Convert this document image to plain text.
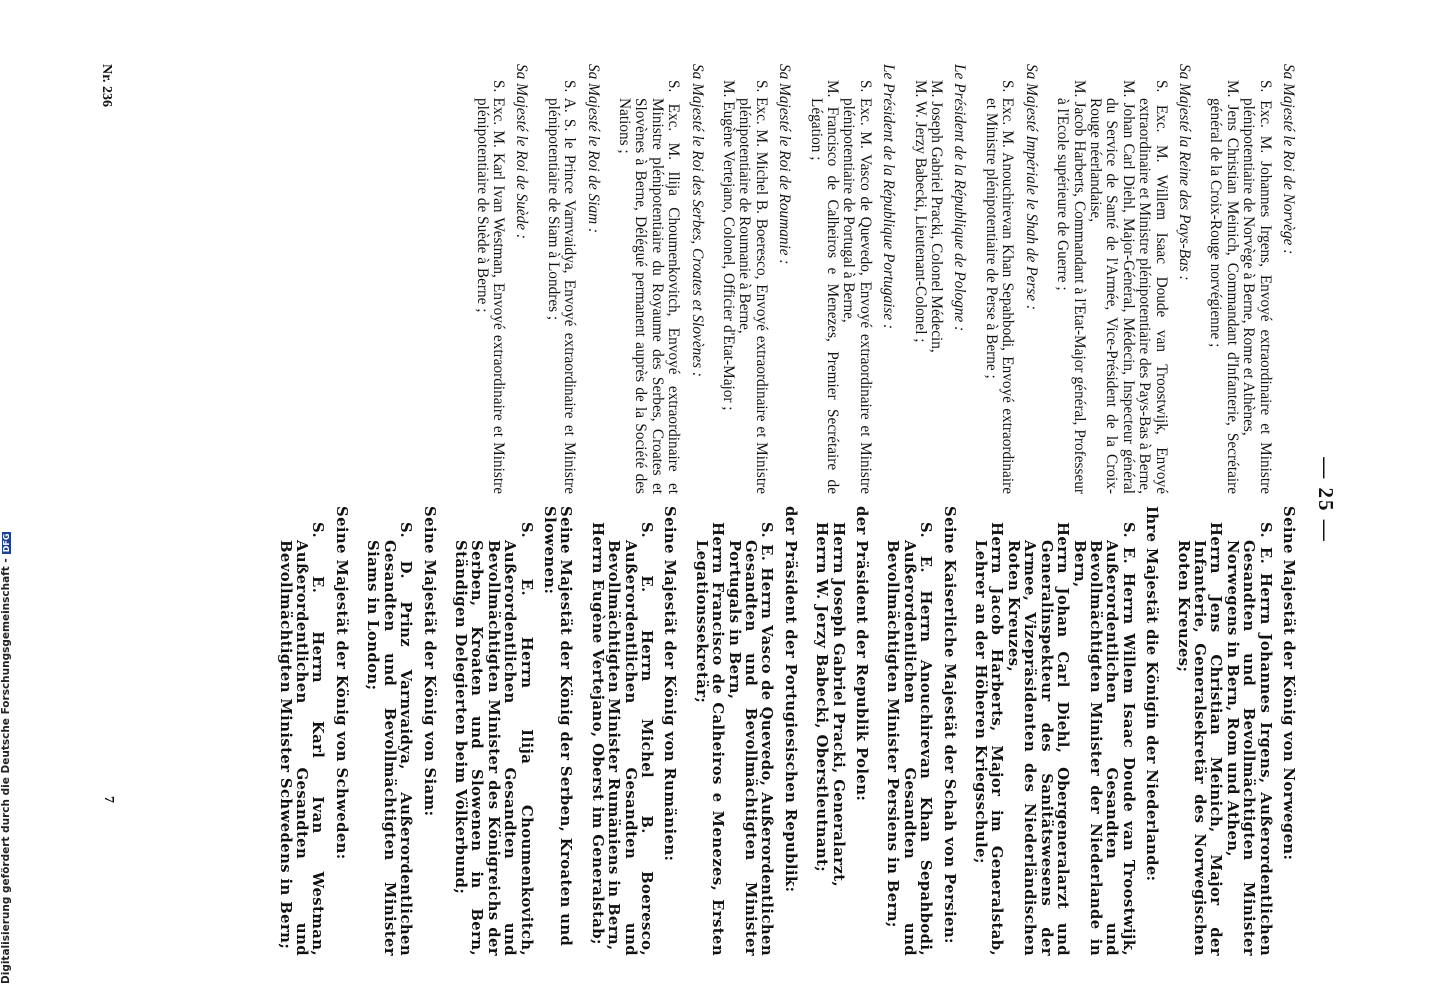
— 25 —

Sa Majesté le Roi de Norvège :

S. Exc. M. Johannes Irgens, Envoyé extraordinaire et Ministre plénipotentiaire de Norvège à Berne, Rome et Athènes,

M. Jens Christian Meinich, Commandant d'Infanterie, Secrétaire général de la Croix-Rouge norvégienne ;

Sa Majesté la Reine des Pays-Bas :

S. Exc. M. Willem Isaac Doude van Troostwijk, Envoyé extraordinaire et Ministre plénipotentiaire des Pays-Bas à Berne,

M. Johan Carl Diehl, Major-Général, Médecin, Inspecteur général du Service de Santé de l'Armée, Vice-Président de la Croix-Rouge néerlandaise,

M. Jacob Harberts, Commandant à l'Etat-Major général, Professeur à l'Ecole supérieure de Guerre ;

Sa Majesté Impériale le Shah de Perse :

S. Exc. M. Anouchirevan Khan Sepahbodi, Envoyé extraordinaire et Ministre plénipotentiaire de Perse à Berne ;

Le Président de la République de Pologne :

M. Joseph Gabriel Pracki, Colonel Médecin,

M. W. Jerzy Babecki, Lieutenant-Colonel ;

Le Président de la République Portugaise :

S. Exc. M. Vasco de Quevedo, Envoyé extraordinaire et Ministre plénipotentiaire de Portugal à Berne,

M. Francisco de Calheiros e Menezes, Premier Secrétaire de Légation ;

Sa Majesté le Roi de Roumanie :

S. Exc. M. Michel B. Boeresco, Envoyé extraordinaire et Ministre plénipotentiaire de Roumanie à Berne,

M. Eugène Vertejano, Colonel, Officier d'Etat-Major ;

Sa Majesté le Roi des Serbes, Croates et Slovènes :

S. Exc. M. Ilija Choumenkovitch, Envoyé extraordinaire et Ministre plénipotentiaire du Royaume des Serbes, Croates et Slovènes à Berne, Délégué permanent auprès de la Société des Nations ;

Sa Majesté le Roi de Siam :

S. A. S. le Prince Varnvaidya, Envoyé extraordinaire et Ministre plénipotentiaire de Siam à Londres ;

Sa Majesté le Roi de Suède :

S. Exc. M. Karl Ivan Westman, Envoyé extraordinaire et Ministre plénipotentiaire de Suède à Berne ;

Seine Majestät der König von Norwegen:

S. E. Herrn Johannes Irgens, Außerordentlichen Gesandten und Bevollmächtigten Minister Norwegens in Bern, Rom und Athen,

Herrn Jens Christian Meinich, Major der Infanterie, Generalsekretär des Norwegischen Roten Kreuzes;

Ihre Majestät die Königin der Niederlande:

S. E. Herrn Willem Isaac Doude van Troostwijk, Außerordentlichen Gesandten und Bevollmächtigten Minister der Niederlande in Bern,

Herrn Johan Carl Diehl, Obergeneralarzt und Generalinspekteur des Sanitätswesens der Armee, Vizepräsidenten des Niederländischen Roten Kreuzes,

Herrn Jacob Harberts, Major im Generalstab, Lehrer an der Höheren Kriegsschule;

Seine Kaiserliche Majestät der Schah von Persien:

S. E. Herrn Anouchirevan Khan Sepahbodi, Außerordentlichen Gesandten und Bevollmächtigten Minister Persiens in Bern;

der Präsident der Republik Polen:

Herrn Joseph Gabriel Pracki, Generalarzt,

Herrn W. Jerzy Babecki, Oberstleutnant;

der Präsident der Portugiesischen Republik:

S. E. Herrn Vasco de Quevedo, Außerordentlichen Gesandten und Bevollmächtigten Minister Portugals in Bern,

Herrn Francisco de Calheiros e Menezes, Ersten Legationssekretär;

Seine Majestät der König von Rumänien:

S. E. Herrn Michel B. Boeresco, Außerordentlichen Gesandten und Bevollmächtigten Minister Rumäniens in Bern,

Herrn Eugène Vertejano, Oberst im Generalstab;

Seine Majestät der König der Serben, Kroaten und Slowenen:

S. E. Herrn Ilija Choumenkovitch, Außerordentlichen Gesandten und Bevollmächtigten Minister des Königreichs der Serben, Kroaten und Slowenen in Bern, Ständigen Delegierten beim Völkerbund;

Seine Majestät der König von Siam:

S. D. Prinz Varnvaidya, Außerordentlichen Gesandten und Bevollmächtigten Minister Siams in London;

Seine Majestät der König von Schweden:

S. E. Herrn Karl Ivan Westman, Außerordentlichen Gesandten und Bevollmächtigten Minister Schwedens in Bern;

Nr. 236
7
Digitalisierung gefördert durch die Deutsche Forschungsgemeinschaft -DFG
